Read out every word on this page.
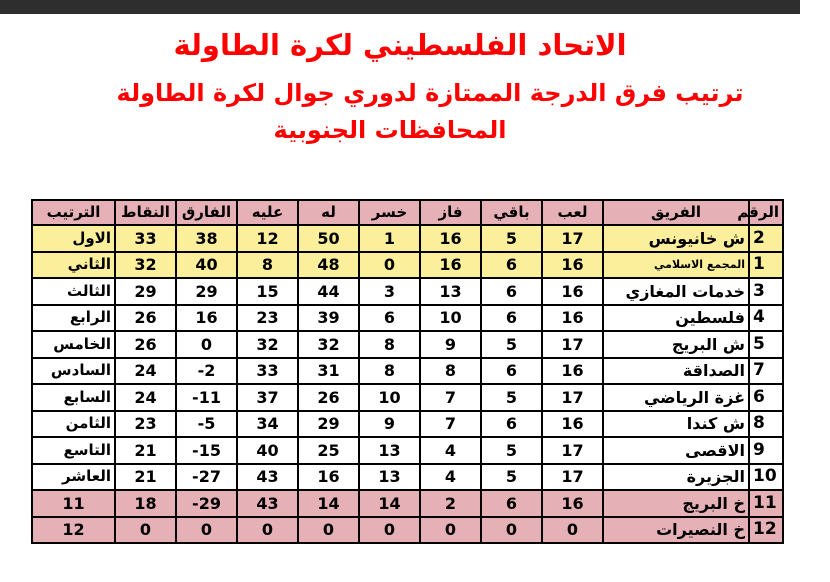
الاتحاد الفلسطيني لكرة الطاولة
ترتيب فرق الدرجة الممتازة لدوري جوال لكرة الطاولة
المحافظات الجنوبية
الرقم	الفريق	لعب	باقي	فاز	خسر	له	عليه	الفارق	النقاط	الترتيب
2	ش خانيونس	17	5	16	1	50	12	38	33	الاول
1	المجمع الاسلامي	16	6	16	0	48	8	40	32	الثاني
3	خدمات المغازي	16	6	13	3	44	15	29	29	الثالث
4	فلسطين	16	6	10	6	39	23	16	26	الرابع
5	ش البريج	17	5	9	8	32	32	0	26	الخامس
7	الصداقة	16	6	8	8	31	33	2-	24	السادس
6	غزة الرياضي	17	5	7	10	26	37	11-	24	السابع
8	ش كندا	16	6	7	9	29	34	5-	23	الثامن
9	الاقصى	17	5	4	13	25	40	15-	21	التاسع
10	الجزيرة	17	5	4	13	16	43	27-	21	العاشر
11	خ البريج	16	6	2	14	14	43	29-	18	11
12	خ النصيرات	0	0	0	0	0	0	0	0	12
